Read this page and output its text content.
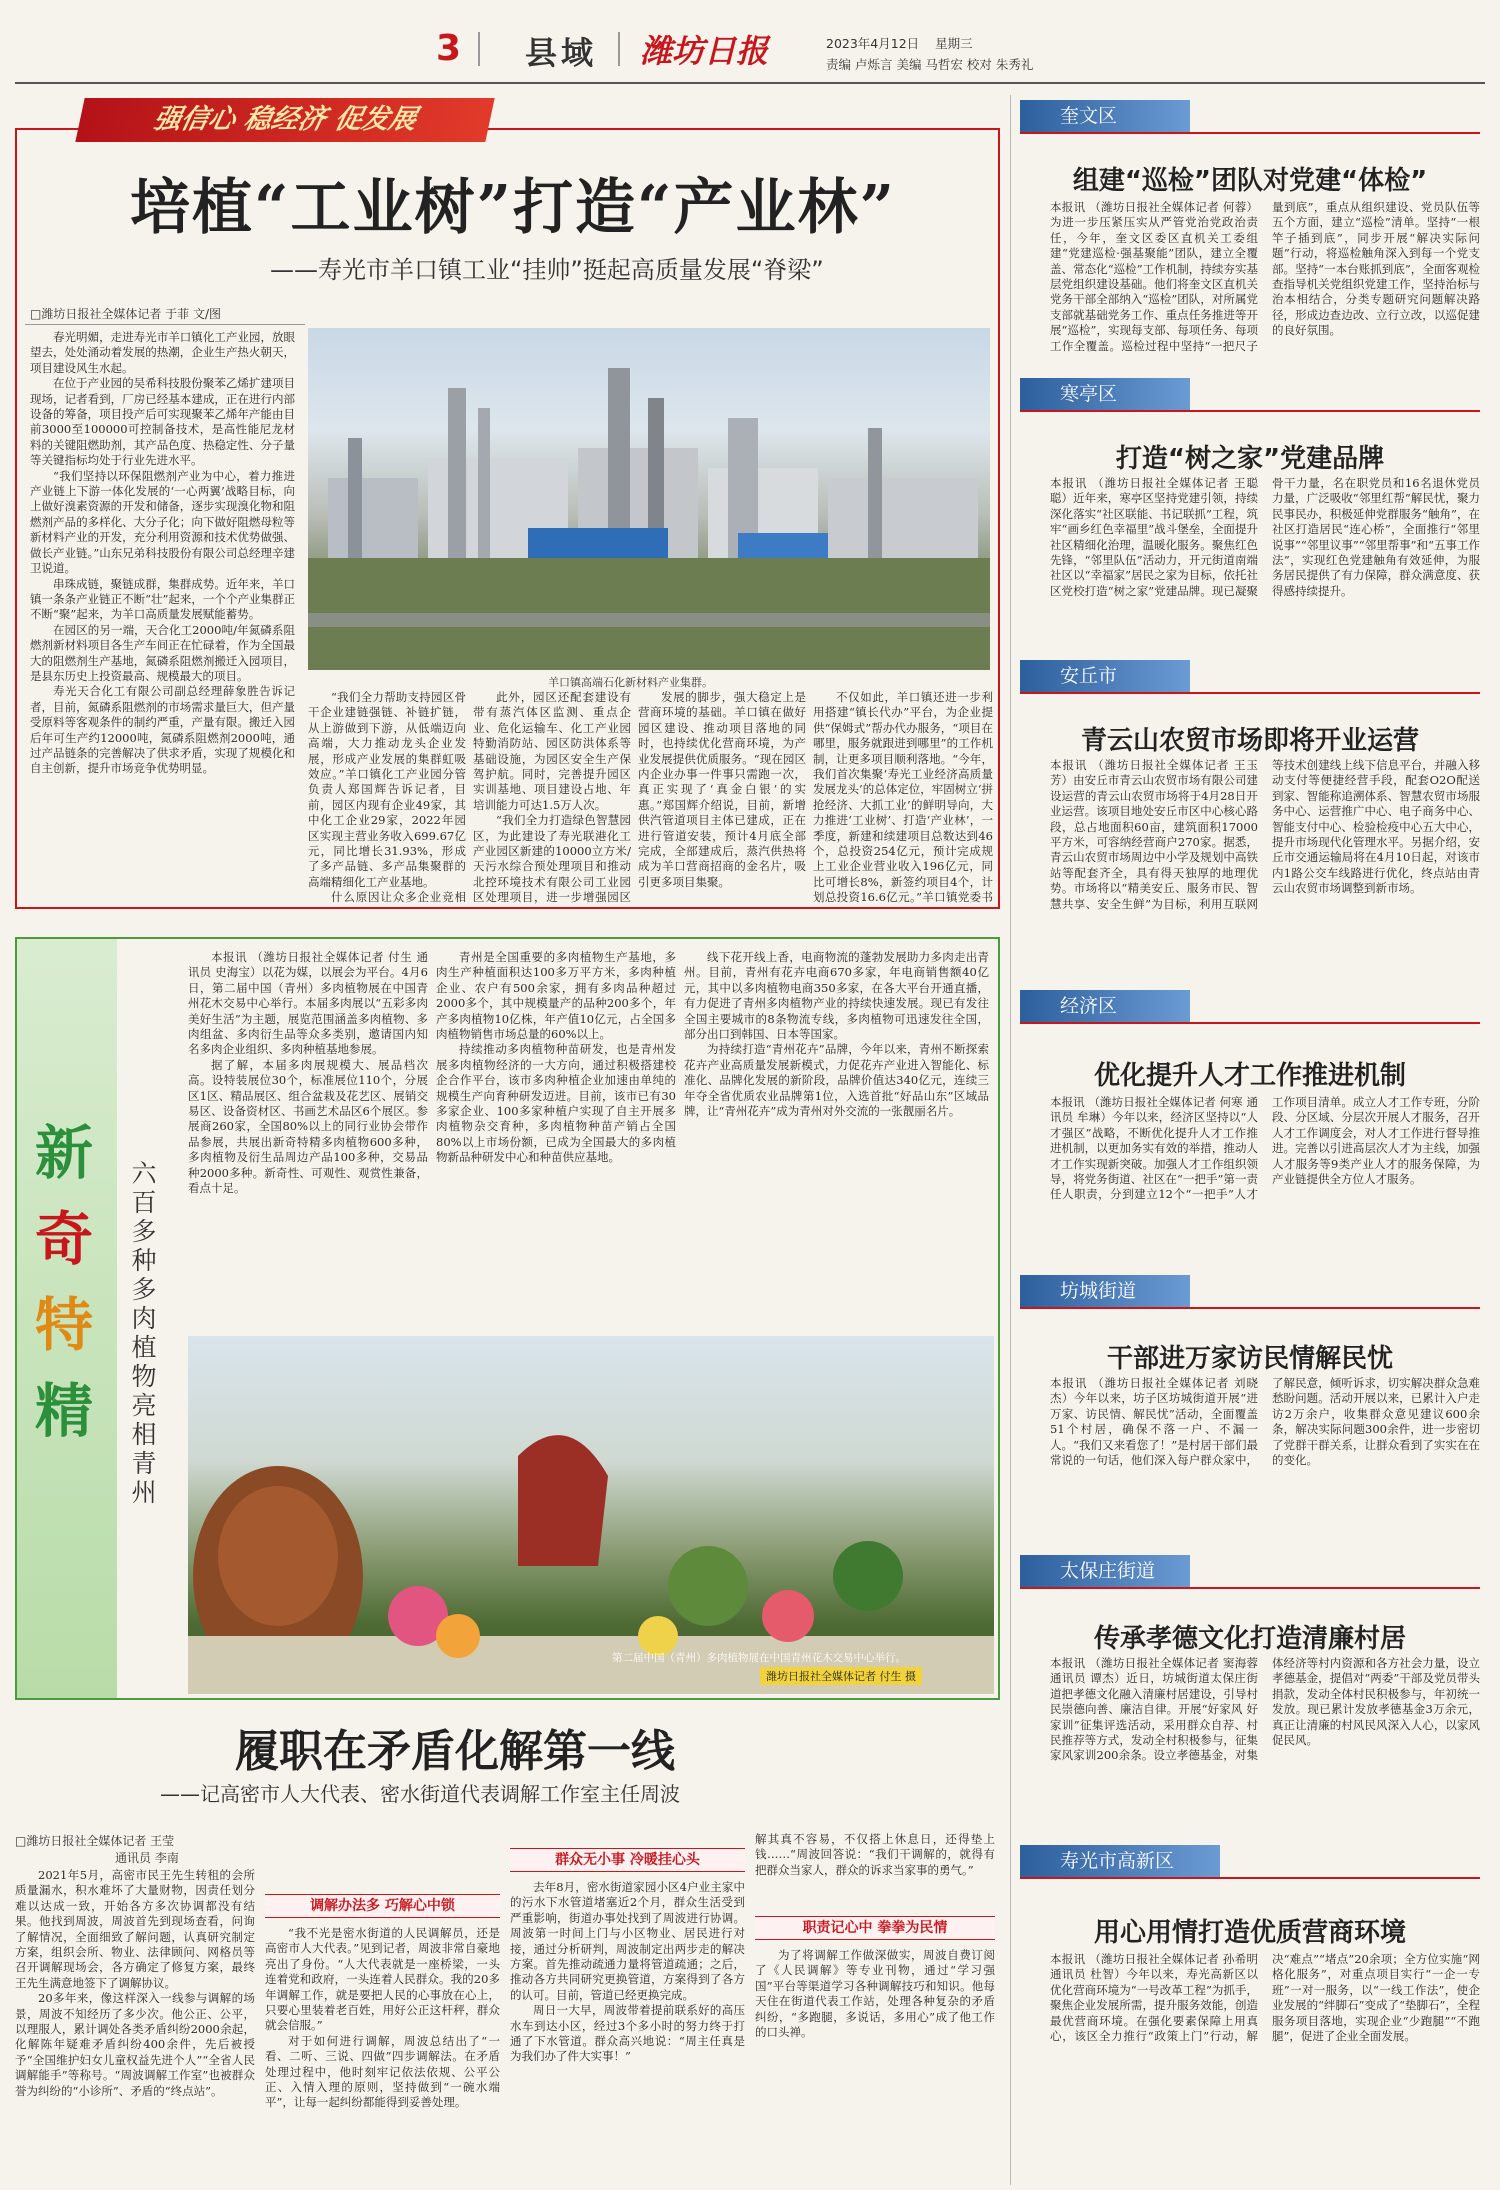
3 县域 潍坊日报	2023年4月12日 星期三
责编 卢烁言 美编 马哲宏 校对 朱秀礼
强信心 稳经济 促发展
培植“工业树”打造“产业林”
——寿光市羊口镇工业“挂帅”挺起高质量发展“脊梁”
□潍坊日报社全媒体记者 于菲 文/图

春光明媚，走进寿光市羊口镇化工产业园，放眼望去，处处涌动着发展的热潮，企业生产热火朝天，项目建设风生水起。

在位于产业园的吴希科技股份聚苯乙烯扩建项目现场，记者看到，厂房已经基本建成，正在进行内部设备的筹备，项目投产后可实现聚苯乙烯年产能由目前3000至100000可控制备技术，是高性能尼龙材料的关键阻燃助剂，其产品色度、热稳定性、分子量等关键指标均处于行业先进水平。

“我们坚持以环保阻燃剂产业为中心，着力推进产业链上下游一体化发展的‘一心两翼’战略目标，向上做好溴素资源的开发和储备，逐步实现溴化物和阻燃剂产品的多样化、大分子化；向下做好阻燃母粒等新材料产业的开发，充分利用资源和技术优势做强、做长产业链。”山东兄弟科技股份有限公司总经理辛建卫说道。

串珠成链，聚链成群，集群成势。近年来，羊口镇一条条产业链正不断“壮”起来，一个个产业集群正不断“聚”起来，为羊口高质量发展赋能蓄势。

在园区的另一端，天合化工2000吨/年氮磷系阻燃剂新材料项目各生产车间正在忙碌着，作为全国最大的阻燃剂生产基地，氮磷系阻燃剂搬迁入园项目，是县东历史上投资最高、规模最大的项目。

寿光天合化工有限公司副总经理薛象胜告诉记者，目前，氮磷系阻燃剂的市场需求量巨大，但产量受原料等客观条件的制约严重，产量有限。搬迁入园后年可生产约12000吨，氮磷系阻燃剂2000吨，通过产品链条的完善解决了供求矛盾，实现了规模化和自主创新，提升市场竞争优势明显。

羊口镇高端石化新材料产业集群。

“我们全力帮助支持园区骨干企业建链强链、补链扩链，从上游做到下游，从低端迈向高端，大力推动龙头企业发展，形成产业发展的集群虹吸效应。”羊口镇化工产业园分管负责人郑国辉告诉记者，目前，园区内现有企业49家，其中化工企业29家，2022年园区实现主营业务收入699.67亿元，同比增长31.93%，形成了多产品链、多产品集聚群的高端精细化工产业基地。

什么原因让众多企业竞相

此外，园区还配套建设有带有蒸汽体区监测、重点企业、危化运输车、化工产业园特勤消防站、园区防洪体系等基础设施，为园区安全生产保驾护航。同时，完善提升园区实训基地、项目建设占地、年培训能力可达1.5万人次。

“我们全力打造绿色智慧园区，为此建设了寿光联港化工产业园区新建的10000立方米/天污水综合预处理项目和推动北控环境技术有限公司工业园区处理项目，进一步增强园区

发展的脚步，强大稳定上是营商环境的基础。羊口镇在做好园区建设、推动项目落地的同时，也持续优化营商环境，为产业发展提供优质服务。“现在园区内企业办事一件事只需跑一次，真正实现了‘真金白银’的实惠。”郑国辉介绍说，目前，新增供汽管道项目主体已建成，正在进行管道安装，预计4月底全部完成，全部建成后，蒸汽供热将成为羊口营商招商的金名片，吸引更多项目集聚。

不仅如此，羊口镇还进一步利用搭建“镇长代办”平台，为企业提供“保姆式”帮办代办服务，“项目在哪里，服务就跟进到哪里”的工作机制，让更多项目顺利落地。“今年，我们首次集聚‘寿光工业经济高质量发展龙头’的总体定位，牢固树立‘拼抢经济、大抓工业’的鲜明导向，大力推进‘工业树’、打造‘产业林’，一季度，新建和续建项目总数达到46个，总投资254亿元，预计完成规上工业企业营业收入196亿元，同比可增长8%，新签约项目4个，计划总投资16.6亿元。”羊口镇党委书

新
奇
特
精	六百多种多肉植物亮相青州

本报讯 （潍坊日报社全媒体记者 付生 通讯员 史海宝）以花为媒，以展会为平台。4月6日，第二届中国（青州）多肉植物展在中国青州花木交易中心举行。本届多肉展以“五彩多肉美好生活”为主题，展览范围涵盖多肉植物、多肉组盆、多肉衍生品等众多类别，邀请国内知名多肉企业组织、多肉种植基地参展。

据了解，本届多肉展规模大、展品档次高。设特装展位30个，标准展位110个，分展区1区、精品展区、组合盆栽及花艺区、展销交易区、设备资材区、书画艺术品区6个展区。参展商260家，全国80%以上的同行业协会带作品参展，共展出新奇特精多肉植物600多种，多肉植物及衍生品周边产品100多种，交易品种2000多种。新奇性、可观性、观赏性兼备，看点十足。

青州是全国重要的多肉植物生产基地，多肉生产种植面积达100多万平方米，多肉种植企业、农户有500余家，拥有多肉品种超过2000多个，其中规模量产的品种200多个，年产多肉植物10亿株，年产值10亿元，占全国多肉植物销售市场总量的60%以上。

持续推动多肉植物种苗研发，也是青州发展多肉植物经济的一大方向，通过积极搭建校企合作平台，该市多肉种植企业加速由单纯的规模生产向育种研发迈进。目前，该市已有30多家企业、100多家种植户实现了自主开展多肉植物杂交育种，多肉植物种苗产销占全国80%以上市场份额，已成为全国最大的多肉植物新品种研发中心和种苗供应基地。

线下花开线上香，电商物流的蓬勃发展助力多肉走出青州。目前，青州有花卉电商670多家，年电商销售额40亿元，其中以多肉植物电商350多家，在各大平台开通直播，有力促进了青州多肉植物产业的持续快速发展。现已有发往全国主要城市的8条物流专线，多肉植物可迅速发往全国，部分出口到韩国、日本等国家。

为持续打造“青州花卉”品牌，今年以来，青州不断探索花卉产业高质量发展新模式，力促花卉产业进入智能化、标准化、品牌化发展的新阶段，品牌价值达340亿元，连续三年夺全省优质农业品牌第1位，入选首批“好品山东”区域品牌，让“青州花卉”成为青州对外交流的一张靓丽名片。

第二届中国（青州）多肉植物展在中国青州花木交易中心举行。
潍坊日报社全媒体记者 付生 摄
履职在矛盾化解第一线
——记高密市人大代表、密水街道代表调解工作室主任周波
□潍坊日报社全媒体记者 王莹
通讯员 李南

2021年5月，高密市民王先生转租的会所质量漏水，积水难坏了大量财物，因责任划分难以达成一致，开始各方多次协调都没有结果。他找到周波，周波首先到现场查看，问询了解情况，全面细致了解问题，认真研究制定方案，组织会所、物业、法律顾问、网格员等召开调解现场会，各方确定了修复方案，最终王先生满意地签下了调解协议。

20多年来，像这样深入一线参与调解的场景，周波不知经历了多少次。他公正、公平，以理服人，累计调处各类矛盾纠纷2000余起，化解陈年疑难矛盾纠纷400余件，先后被授予“全国维护妇女儿童权益先进个人”“全省人民调解能手”等称号。“周波调解工作室”也被群众誉为纠纷的“小诊所”、矛盾的“终点站”。

调解办法多 巧解心中锁

“我不光是密水街道的人民调解员，还是高密市人大代表。”见到记者，周波非常自豪地亮出了身份。“人大代表就是一座桥梁，一头连着党和政府，一头连着人民群众。我的20多年调解工作，就是要把人民的心事放在心上，只要心里装着老百姓，用好公正这杆秤，群众就会信服。”

对于如何进行调解，周波总结出了“一看、二听、三说、四做”四步调解法。在矛盾处理过程中，他时刻牢记依法依规、公平公正、入情入理的原则，坚持做到“一碗水端平”，让每一起纠纷都能得到妥善处理。

群众无小事 冷暖挂心头

去年8月，密水街道家园小区4户业主家中的污水下水管道堵塞近2个月，群众生活受到严重影响，街道办事处找到了周波进行协调。周波第一时间上门与小区物业、居民进行对接，通过分析研判，周波制定出两步走的解决方案。首先推动疏通力量将管道疏通；之后，推动各方共同研究更换管道，方案得到了各方的认可。目前，管道已经更换完成。

周日一大早，周波带着提前联系好的高压水车到达小区，经过3个多小时的努力终于打通了下水管道。群众高兴地说：“周主任真是为我们办了件大实事！”

解其真不容易，不仅搭上休息日，还得垫上钱……“周波回答说：“我们干调解的，就得有把群众当家人，群众的诉求当家事的勇气。”

职责记心中 拳拳为民情

为了将调解工作做深做实，周波自费订阅了《人民调解》等专业刊物，通过“学习强国”平台等渠道学习各种调解技巧和知识。他每天住在街道代表工作站，处理各种复杂的矛盾纠纷，“多跑腿，多说话，多用心”成了他工作的口头禅。

奎文区
组建“巡检”团队对党建“体检”
本报讯 （潍坊日报社全媒体记者 何蓉）为进一步压紧压实从严管党治党政治责任，今年，奎文区委区直机关工委组建“党建巡检·强基聚能”团队，建立全覆盖、常态化“巡检”工作机制，持续夯实基层党组织建设基础。他们将奎文区直机关党务干部全部纳入“巡检”团队，对所属党支部就基础党务工作、重点任务推进等开展“巡检”，实现每支部、每项任务、每项工作全覆盖。巡检过程中坚持“一把尺子量到底”，重点从组织建设、党员队伍等五个方面，建立“巡检”清单。坚持“一根竿子插到底”，同步开展“解决实际问题”行动，将巡检触角深入到每一个党支部。坚持“一本台账抓到底”，全面客观检查指导机关党组织党建工作，坚持治标与治本相结合，分类专题研究问题解决路径，形成边查边改、立行立改，以巡促建的良好氛围。
寒亭区
打造“树之家”党建品牌
本报讯 （潍坊日报社全媒体记者 王聪聪）近年来，寒亭区坚持党建引领，持续深化落实“社区联能、书记联抓”工程，筑牢“画乡红色幸福里”战斗堡垒，全面提升社区精细化治理，温暖化服务。聚焦红色先锋，“邻里队伍”活动力，开元街道南端社区以“幸福家”居民之家为目标，依托社区党校打造“树之家”党建品牌。现已凝聚骨干力量，名在职党员和16名退休党员力量，广泛吸收“邻里红帮”解民忧，聚力民事民办，积极延伸党群服务“触角”，在社区打造居民“连心桥”，全面推行“邻里说事”“邻里议事”“邻里帮事”和“五事工作法”，实现红色党建触角有效延伸，为服务居民提供了有力保障，群众满意度、获得感持续提升。
安丘市
青云山农贸市场即将开业运营
本报讯 （潍坊日报社全媒体记者 王玉芳）由安丘市青云山农贸市场有限公司建设运营的青云山农贸市场将于4月28日开业运营。该项目地处安丘市区中心核心路段，总占地面积60亩，建筑面积17000平方米，可容纳经营商户270家。据悉，青云山农贸市场周边中小学及规划中高铁站等配套齐全，具有得天独厚的地理优势。市场将以“精美安丘、服务市民、智慧共享、安全生鲜”为目标，利用互联网等技术创建线上线下信息平台，并融入移动支付等便捷经营手段，配套O2O配送到家、智能称追溯体系、智慧农贸市场服务中心、运营推广中心、电子商务中心、智能支付中心、检验检疫中心五大中心，提升市场现代化管理水平。另据介绍，安丘市交通运输局将在4月10日起，对该市内1路公交车线路进行优化，终点站由青云山农贸市场调整到新市场。
经济区
优化提升人才工作推进机制
本报讯 （潍坊日报社全媒体记者 何寒 通讯员 牟琳）今年以来，经济区坚持以“人才强区”战略，不断优化提升人才工作推进机制，以更加务实有效的举措，推动人才工作实现新突破。加强人才工作组织领导，将党务街道、社区在“一把手”第一责任人职责，分到建立12个“一把手”人才工作项目清单。成立人才工作专班，分阶段、分区域、分层次开展人才服务，召开人才工作调度会，对人才工作进行督导推进。完善以引进高层次人才为主线，加强人才服务等9类产业人才的服务保障，为产业链提供全方位人才服务。
坊城街道
干部进万家访民情解民忧
本报讯 （潍坊日报社全媒体记者 刘晓杰）今年以来，坊子区坊城街道开展“进万家、访民情、解民忧”活动，全面覆盖51个村居，确保不落一户、不漏一人。“我们又来看您了！”是村居干部们最常说的一句话，他们深入每户群众家中，了解民意，倾听诉求，切实解决群众急难愁盼问题。活动开展以来，已累计入户走访2万余户，收集群众意见建议600余条，解决实际问题300余件，进一步密切了党群干群关系，让群众看到了实实在在的变化。
太保庄街道
传承孝德文化打造清廉村居
本报讯 （潍坊日报社全媒体记者 窦海蓉 通讯员 谭杰）近日，坊城街道太保庄街道把孝德文化融入清廉村居建设，引导村民崇德向善、廉洁自律。开展“好家风 好家训”征集评选活动，采用群众自荐、村民推荐等方式，发动全村积极参与，征集家风家训200余条。设立孝德基金，对集体经济等村内资源和各方社会力量，设立孝德基金，提倡对“两委”干部及党员带头捐款，发动全体村民积极参与，年初统一发放。现已累计发放孝德基金3万余元，真正让清廉的村风民风深入人心，以家风促民风。
寿光市高新区
用心用情打造优质营商环境
本报讯 （潍坊日报社全媒体记者 孙希明 通讯员 杜智）今年以来，寿光高新区以优化营商环境为“一号改革工程”为抓手，聚焦企业发展所需，提升服务效能，创造最优营商环境。在强化要素保障上用真心，该区全力推行“政策上门”行动，解决“难点”“堵点”20余项；全方位实施“网格化服务”，对重点项目实行“一企一专班”一对一服务，以“一线工作法”，使企业发展的“绊脚石”变成了“垫脚石”，全程服务项目落地，实现企业“少跑腿”“不跑腿”，促进了企业全面发展。
